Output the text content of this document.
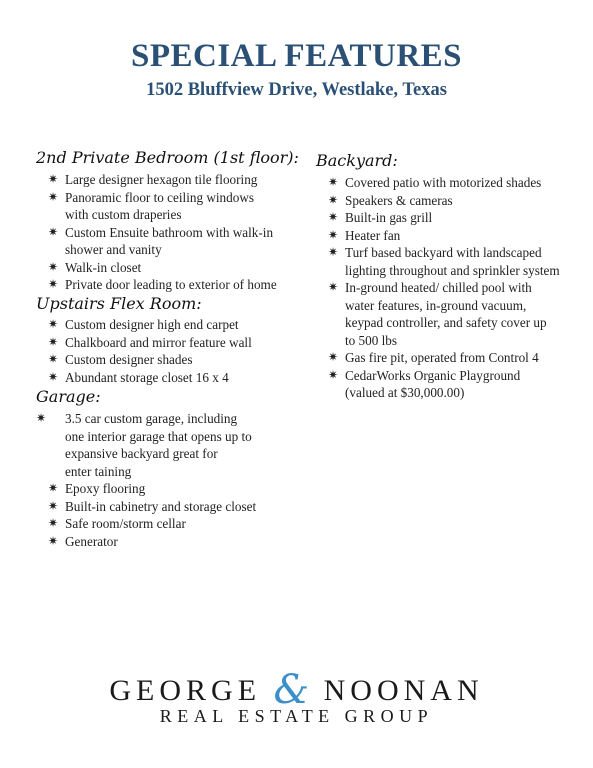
SPECIAL FEATURES
1502 Bluffview Drive, Westlake, Texas
2nd Private Bedroom (1st floor):
✷ Large designer hexagon tile flooring
✷ Panoramic floor to ceiling windows
with custom draperies
✷ Custom Ensuite bathroom with walk-in
shower and vanity
✷ Walk-in closet
✷ Private door leading to exterior of home
Upstairs Flex Room:
✷ Custom designer high end carpet
✷ Chalkboard and mirror feature wall
✷ Custom designer shades
✷ Abundant storage closet 16 x 4
Garage:
✷ 3.5 car custom garage, including
one interior garage that opens up to
expansive backyard great for
enter taining
✷ Epoxy flooring
✷ Built-in cabinetry and storage closet
✷ Safe room/storm cellar
✷ Generator
Backyard:
✷ Covered patio with motorized shades
✷ Speakers & cameras
✷ Built-in gas grill
✷ Heater fan
✷ Turf based backyard with landscaped
lighting throughout and sprinkler system
✷ In-ground heated/ chilled pool with
water features, in-ground vacuum,
keypad controller, and safety cover up
to 500 lbs
✷ Gas fire pit, operated from Control 4
✷ CedarWorks Organic Playground
(valued at $30,000.00)
GEORGE & NOONAN
REAL ESTATE GROUP
